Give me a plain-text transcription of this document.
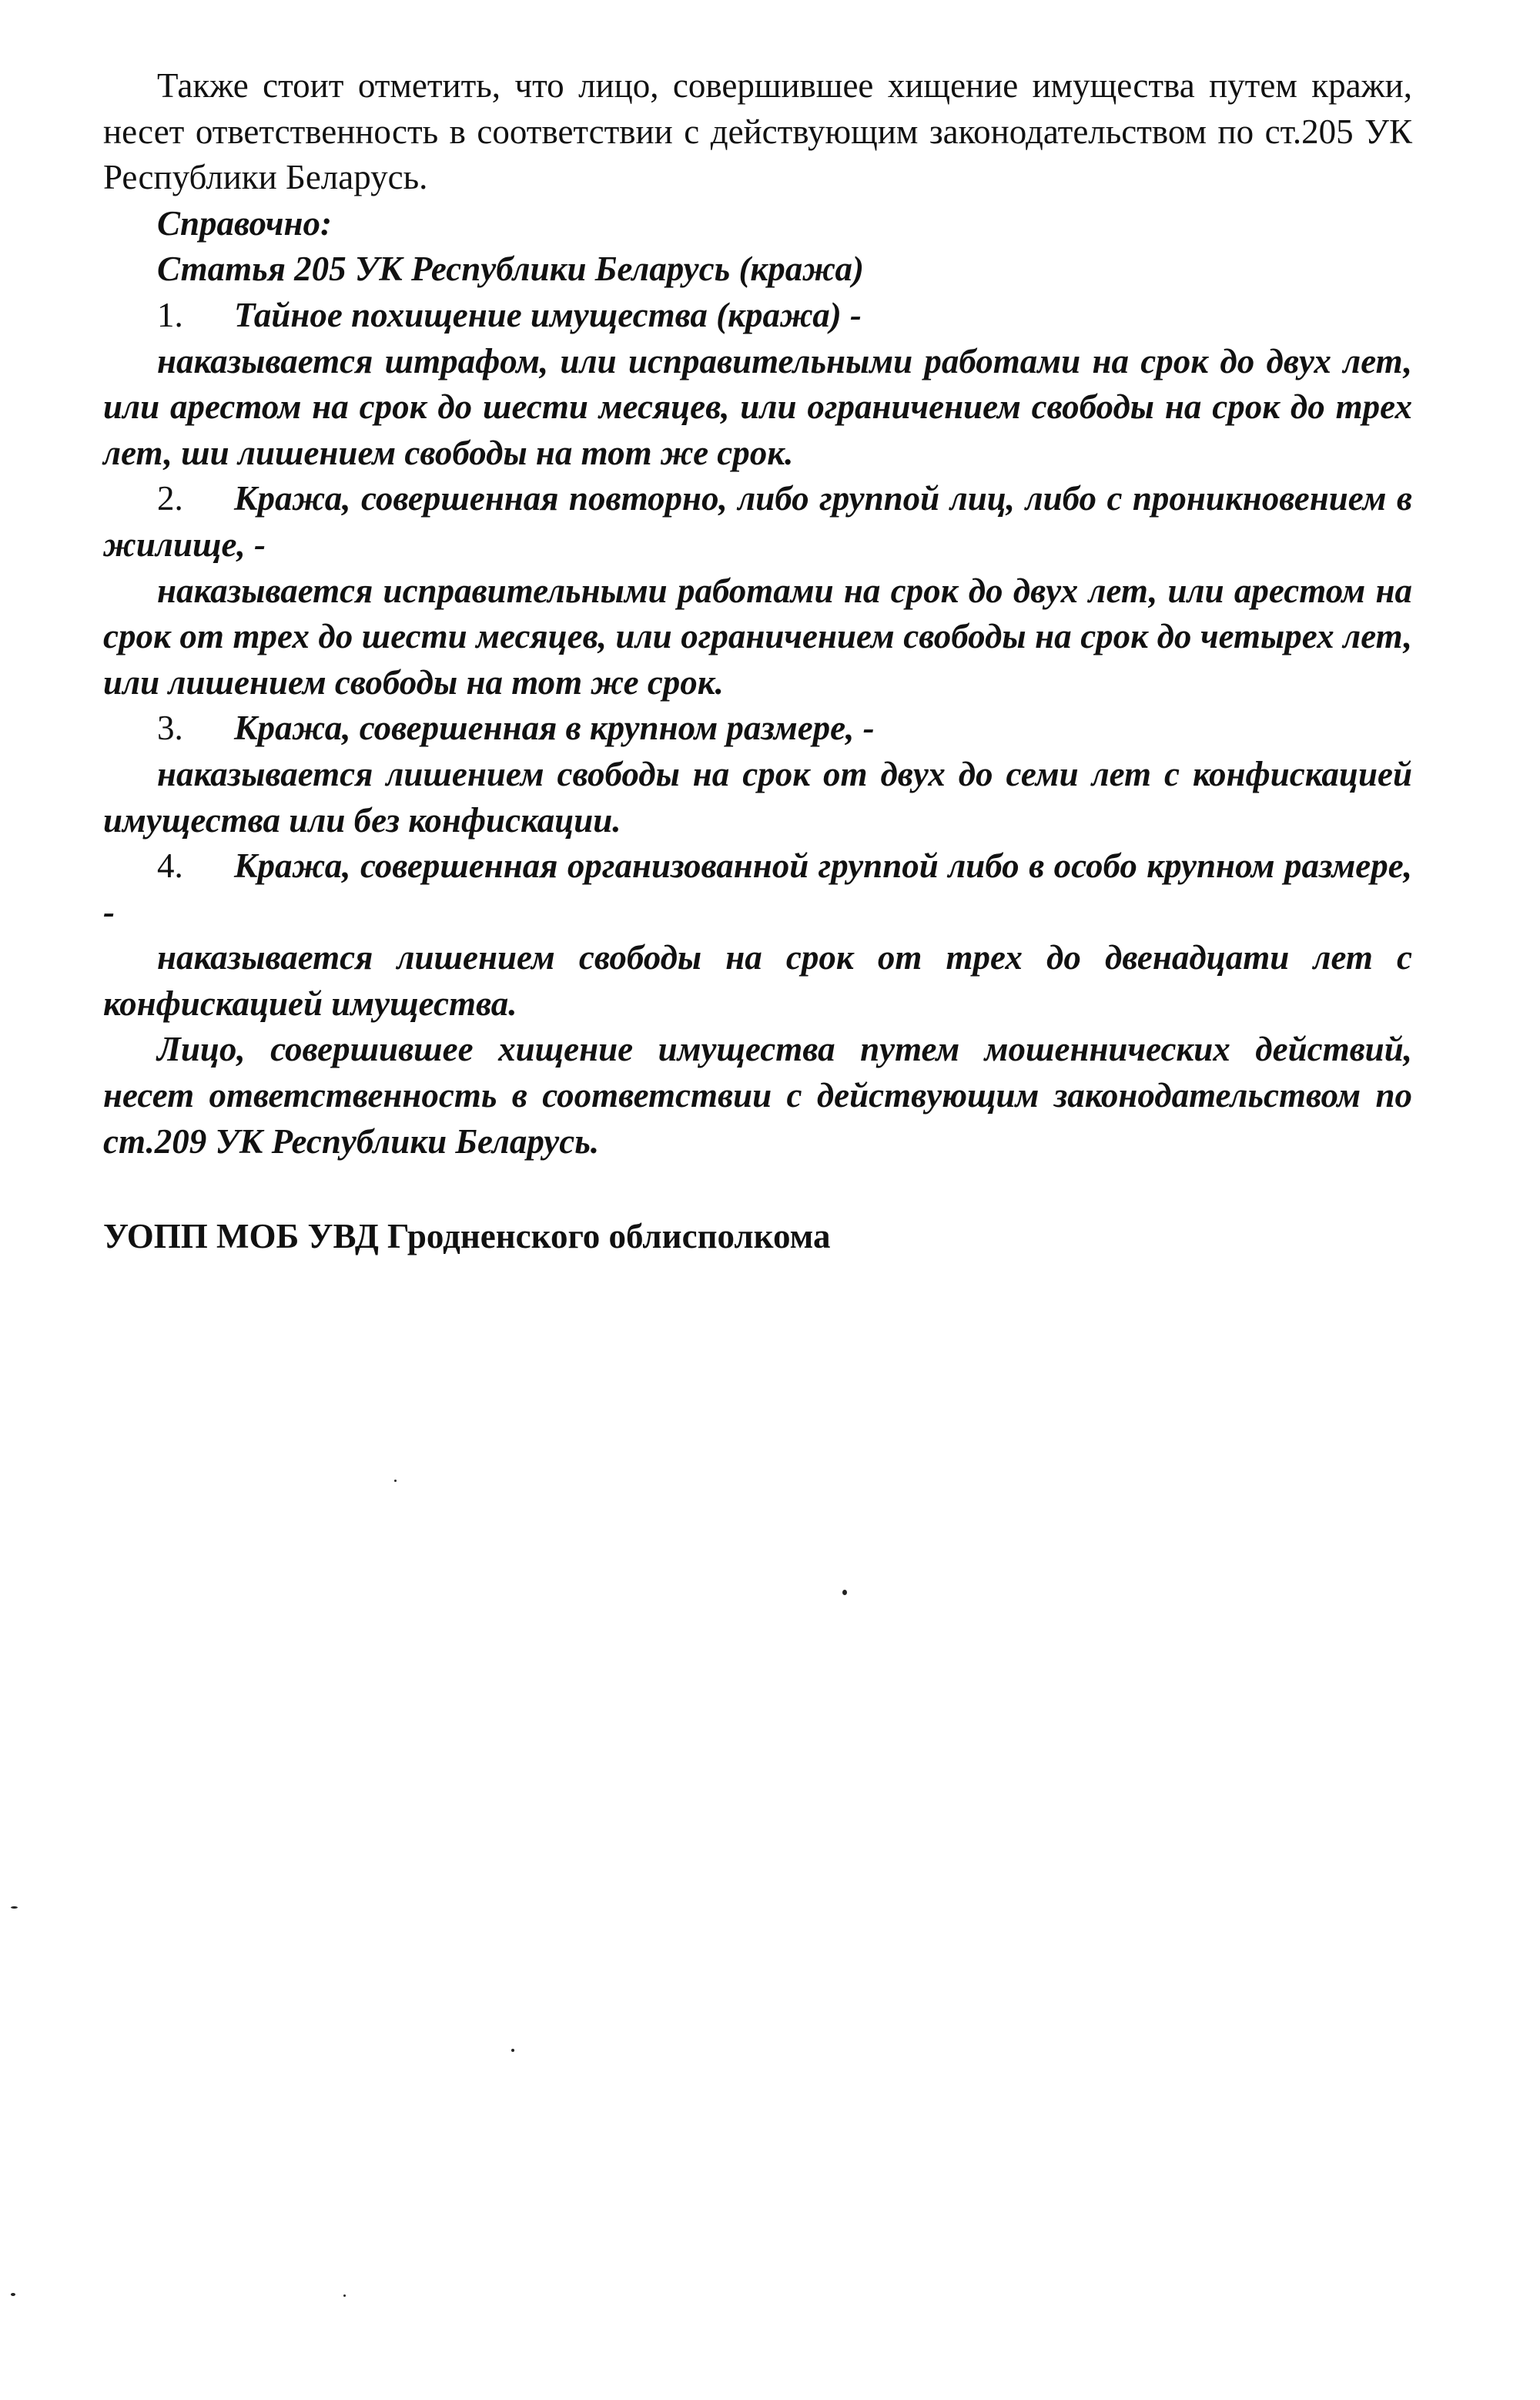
Также стоит отметить, что лицо, совершившее хищение имущества путем кражи, несет ответственность в соответствии с действующим законодательством по ст.205 УК Республики Беларусь.

Справочно:

Статья 205 УК Республики Беларусь (кража)

1. Тайное похищение имущества (кража) -

наказывается штрафом, или исправительными работами на срок до двух лет, или арестом на срок до шести месяцев, или ограничением свободы на срок до трех лет, ши лишением свободы на тот же срок.

2. Кража, совершенная повторно, либо группой лиц, либо с проникновением в жилище, -

наказывается исправительными работами на срок до двух лет, или арестом на срок от трех до шести месяцев, или ограничением свободы на срок до четырех лет, или лишением свободы на тот же срок.

3. Кража, совершенная в крупном размере, -

наказывается лишением свободы на срок от двух до семи лет с конфискацией имущества или без конфискации.

4. Кража, совершенная организованной группой либо в особо крупном размере, -

наказывается лишением свободы на срок от трех до двенадцати лет с конфискацией имущества.

Лицо, совершившее хищение имущества путем мошеннических действий, несет ответственность в соответствии с действующим законодательством по ст.209 УК Республики Беларусь.

УОПП МОБ УВД Гродненского облисполкома
